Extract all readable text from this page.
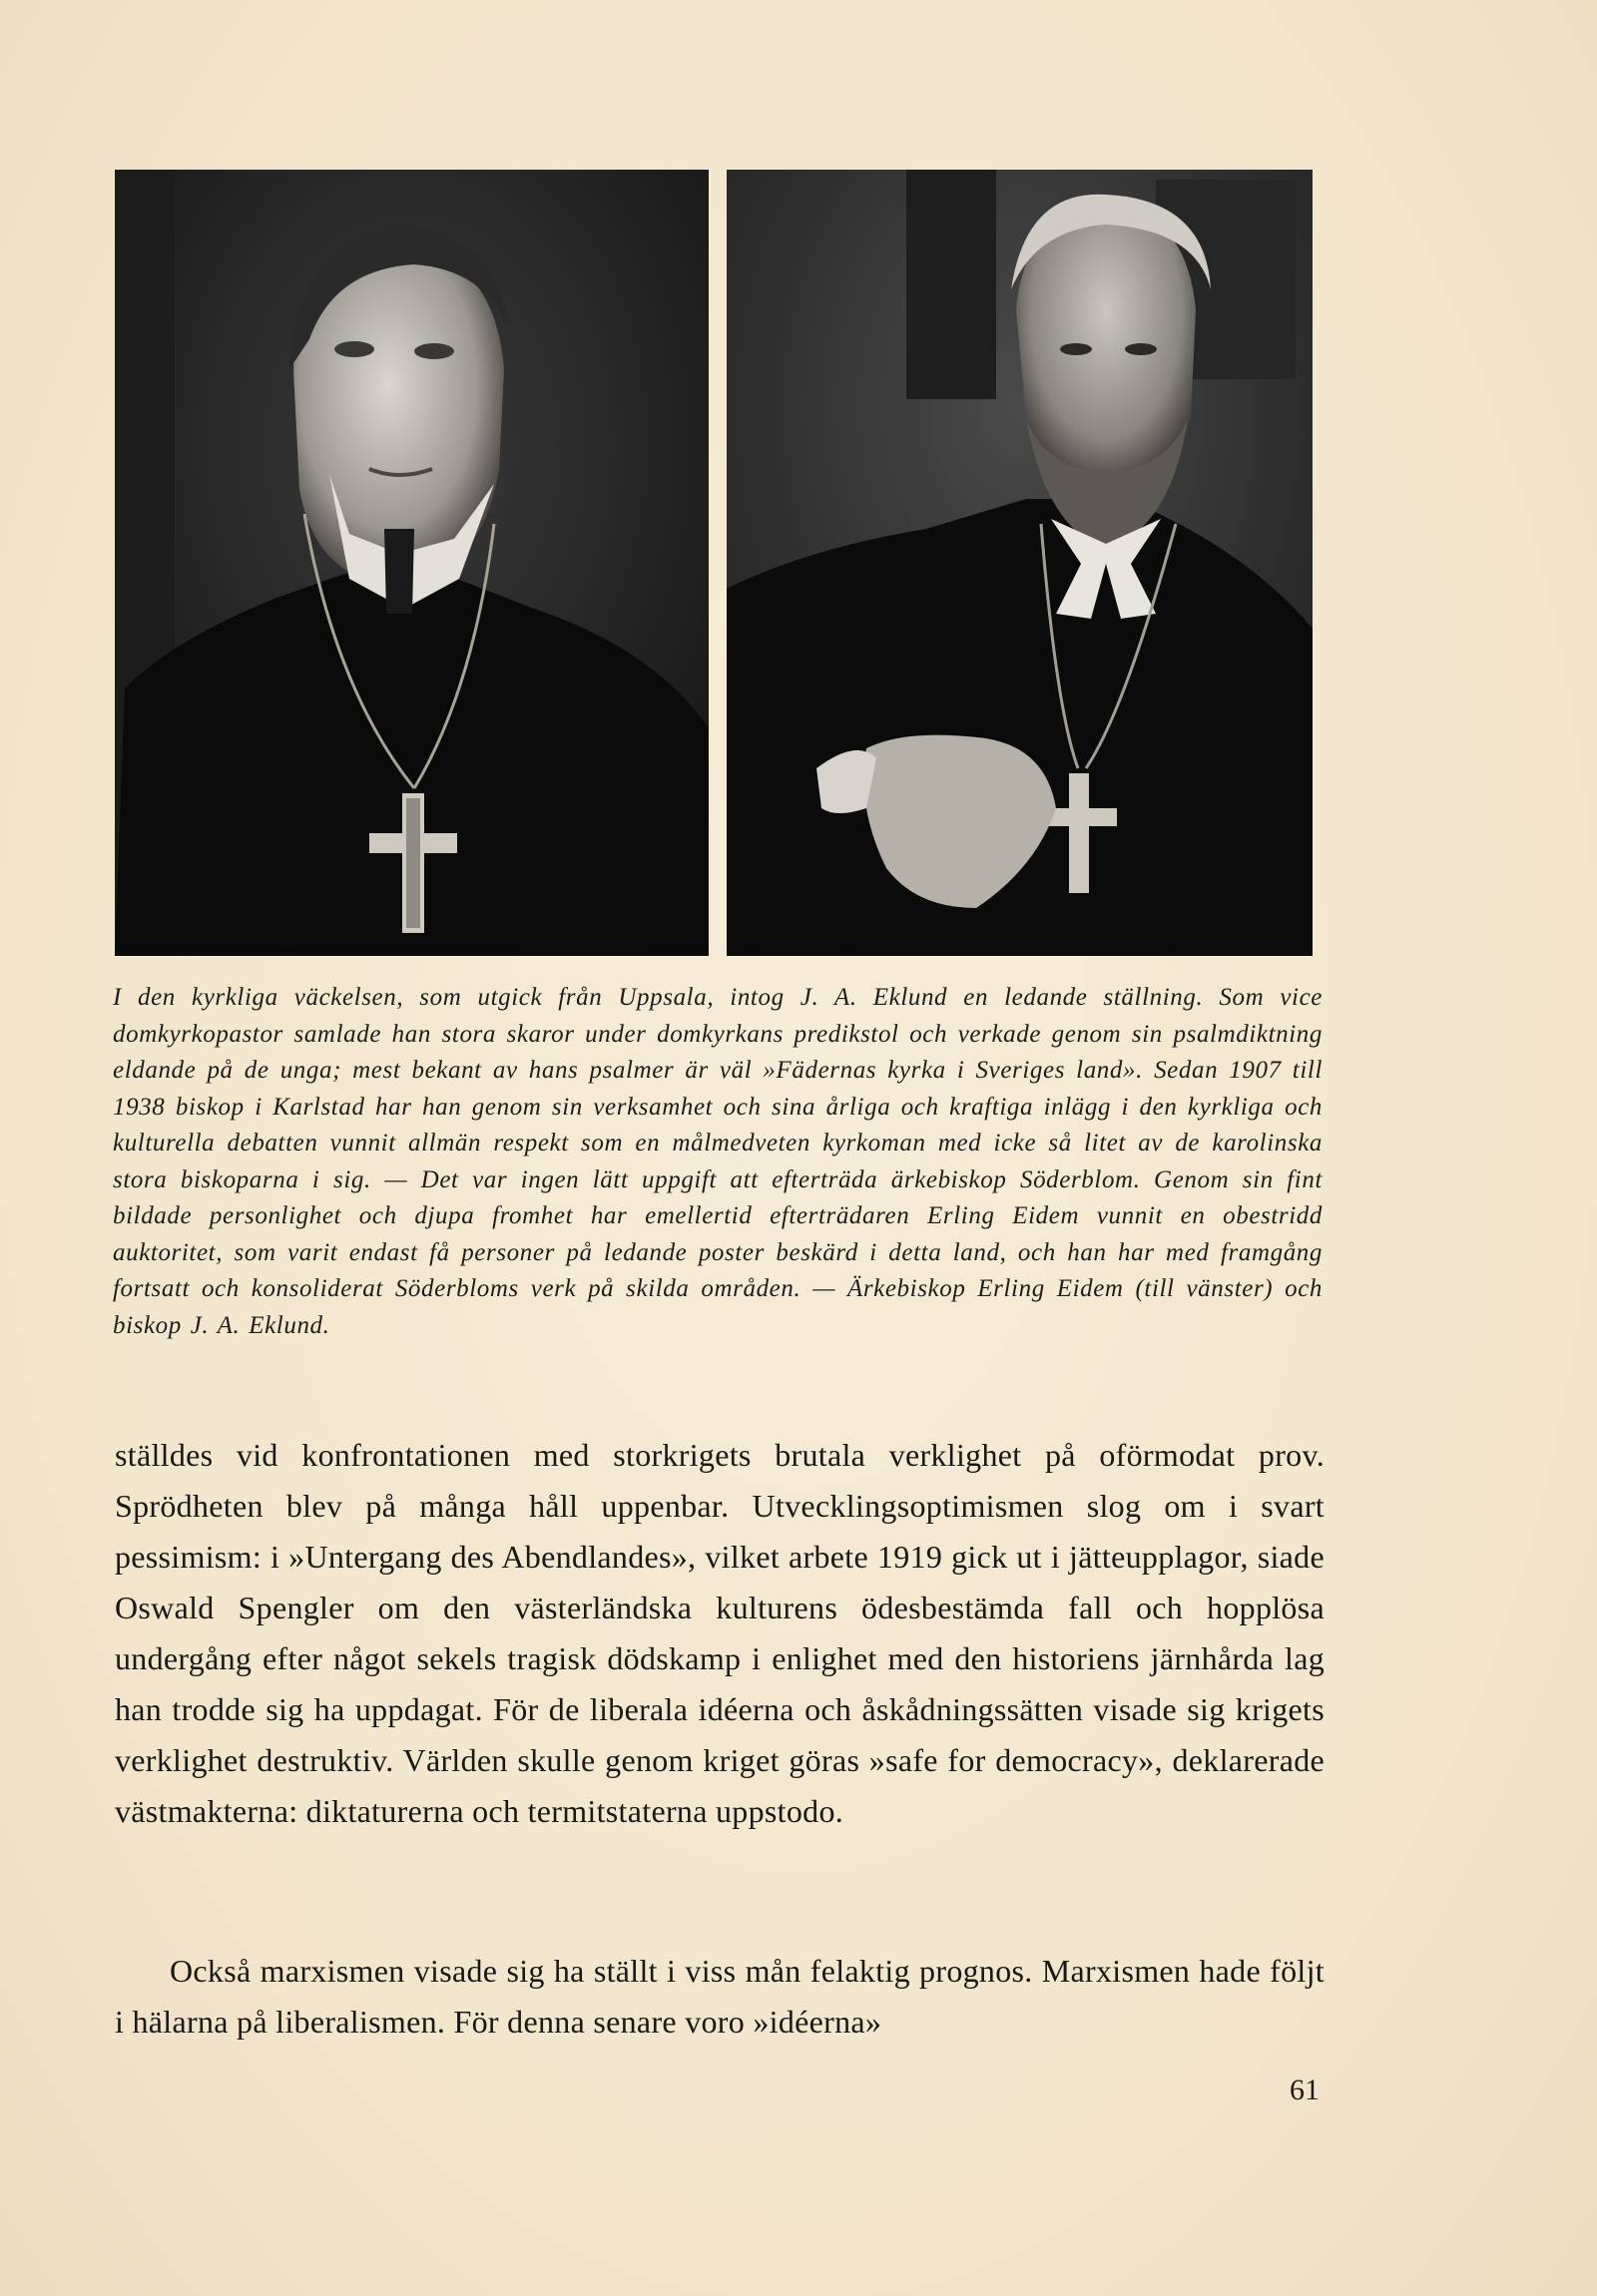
I den kyrkliga väckelsen, som utgick från Uppsala, intog J. A. Eklund en ledande ställning. Som vice domkyrkopastor samlade han stora skaror under domkyrkans predikstol och verkade genom sin psalmdiktning eldande på de unga; mest bekant av hans psalmer är väl »Fädernas kyrka i Sveriges land». Sedan 1907 till 1938 biskop i Karlstad har han genom sin verksamhet och sina årliga och kraftiga inlägg i den kyrkliga och kulturella debatten vunnit allmän respekt som en målmedveten kyrkoman med icke så litet av de karolinska stora biskoparna i sig. — Det var ingen lätt uppgift att efterträda ärkebiskop Söderblom. Genom sin fint bildade personlighet och djupa fromhet har emellertid efterträdaren Erling Eidem vunnit en obestridd auktoritet, som varit endast få personer på ledande poster beskärd i detta land, och han har med framgång fortsatt och konsoliderat Söderbloms verk på skilda områden. — Ärkebiskop Erling Eidem (till vänster) och biskop J. A. Eklund.
ställdes vid konfrontationen med storkrigets brutala verklighet på oförmodat prov. Sprödheten blev på många håll uppenbar. Utvecklingsoptimismen slog om i svart pessimism: i »Untergang des Abendlandes», vilket arbete 1919 gick ut i jätteupplagor, siade Oswald Spengler om den västerländska kulturens ödesbestämda fall och hopplösa undergång efter något sekels tragisk dödskamp i enlighet med den historiens järnhårda lag han trodde sig ha uppdagat. För de liberala idéerna och åskådningssätten visade sig krigets verklighet destruktiv. Världen skulle genom kriget göras »safe for democracy», deklarerade västmakterna: diktaturerna och termitstaterna uppstodo.
Också marxismen visade sig ha ställt i viss mån felaktig prognos. Marxismen hade följt i hälarna på liberalismen. För denna senare voro »idéerna»
61
